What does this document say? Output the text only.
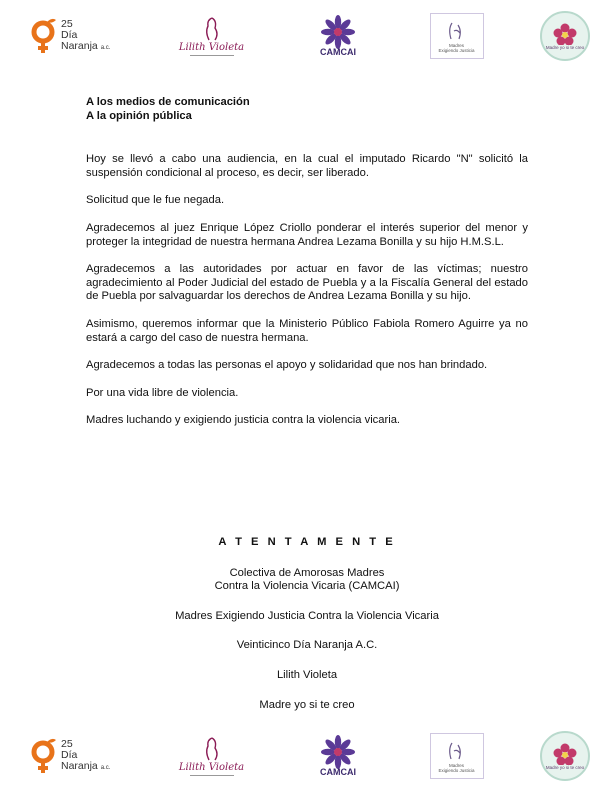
25
Día
Naranja a.c.	Lilith Violeta	CAMCAI
Madres
Exigiendo Justicia
Madre yo si te creo
A los medios de comunicación
A la opinión pública

Hoy se llevó a cabo una audiencia, en la cual el imputado Ricardo "N" solicitó la suspensión condicional al proceso, es decir, ser liberado.

Solicitud que le fue negada.

Agradecemos al juez Enrique López Criollo ponderar el interés superior del menor y proteger la integridad de nuestra hermana Andrea Lezama Bonilla y su hijo H.M.S.L.

Agradecemos a las autoridades por actuar en favor de las víctimas; nuestro agradecimiento al Poder Judicial del estado de Puebla y a la Fiscalía General del estado de Puebla por salvaguardar los derechos de Andrea Lezama Bonilla y su hijo.

Asimismo, queremos informar que la Ministerio Público Fabiola Romero Aguirre ya no estará a cargo del caso de nuestra hermana.

Agradecemos a todas las personas el apoyo y solidaridad que nos han brindado.

Por una vida libre de violencia.

Madres luchando y exigiendo justicia contra la violencia vicaria.

A T E N T A M E N T E
Colectiva de Amorosas Madres
Contra la Violencia Vicaria (CAMCAI)
Madres Exigiendo Justicia Contra la Violencia Vicaria
Veinticinco Día Naranja A.C.
Lilith Violeta
Madre yo si te creo
25
Día
Naranja a.c.	Lilith Violeta	CAMCAI
Madres
Exigiendo Justicia
Madre yo si te creo
